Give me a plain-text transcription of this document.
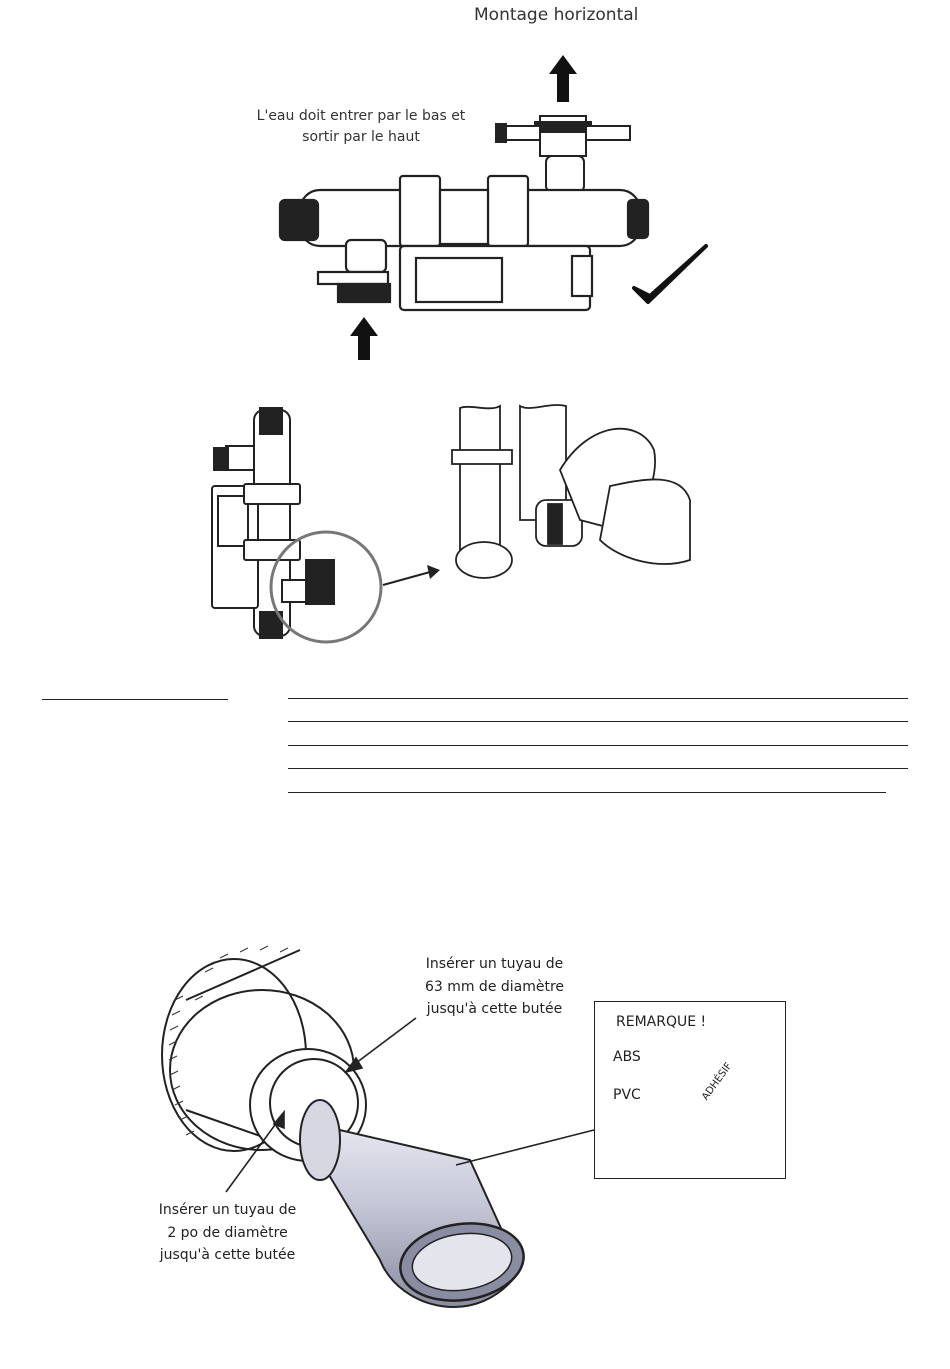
Montage horizontal
L'eau doit entrer par le bas et
sortir par le haut
Insérer un tuyau de
63 mm de diamètre
jusqu'à cette butée
Insérer un tuyau de
2 po de diamètre
jusqu'à cette butée
REMARQUE !
ABS
PVC	ADHÉSIF
